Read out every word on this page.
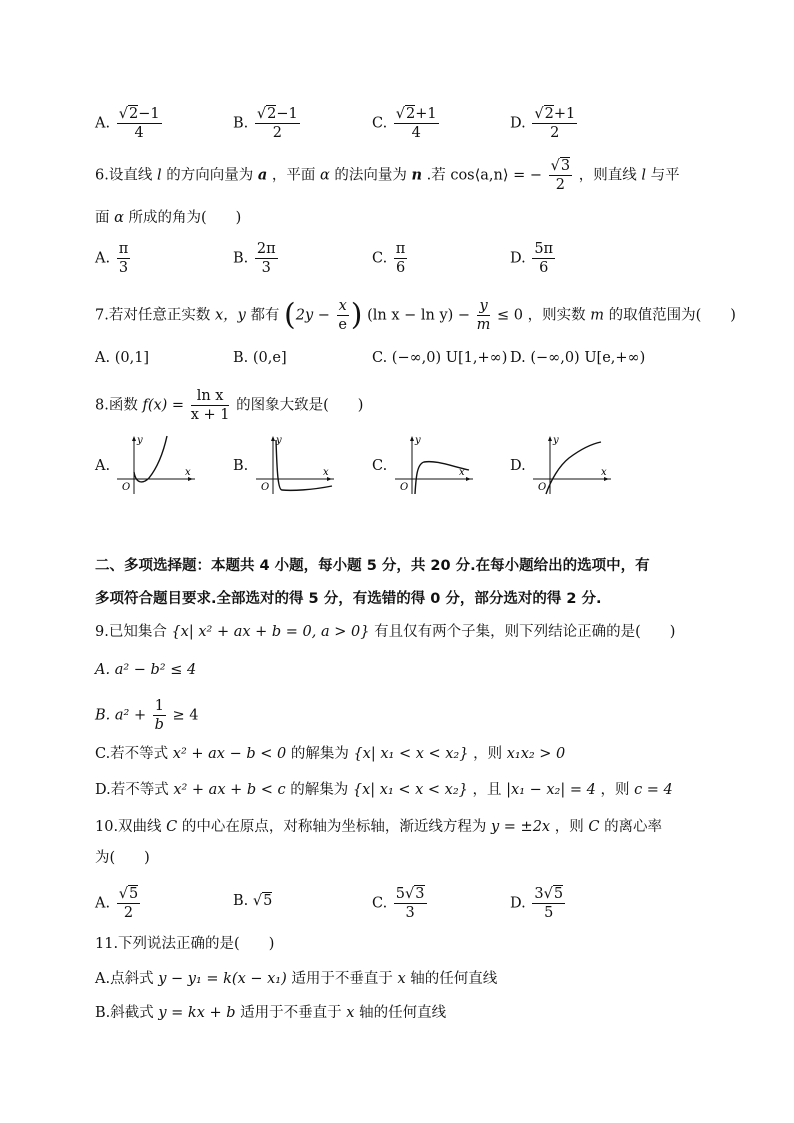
A. $\frac{√2-1}{4}$	B. $\frac{√2-1}{2}$	C. $\frac{√2+1}{4}$	D. $\frac{√2+1}{2}$
6.设直线 l 的方向向量为 a ，平面 α 的法向量为 n .若 cos⟨a,n⟩ = − $\frac{√3}{2}$ ，则直线 l 与平
面 α 所成的角为(　　)
A. $\frac{\pi}{3}$	B. $\frac{2\pi}{3}$	C. $\frac{\pi}{6}$	D. $\frac{5\pi}{6}$
7.若对任意正实数 x，y 都有 ($2y - \frac{x}{e}$ ) (ln $x - \ln y) - \frac{y}{m} \le 0$ ，则实数 m 的取值范围为(　　)
A. (0,1]	B. (0,e]	C. (−∞,0) U[1,+∞) D. (−∞,0) U[e,+∞)
8.函数 $f(x) = \frac{\text{ln x}}{x + 1}$ 的图象大致是(　　)
A.
y
x
O
B.
y
x
O
C.
y
x
O
D.
y
x
O
二、多项选择题：本题共 4 小题，每小题 5 分，共 20 分.在每小题给出的选项中，有
多项符合题目要求.全部选对的得 5 分，有选错的得 0 分，部分选对的得 2 分.
9.已知集合 {x| x² + ax + b = 0, a > 0} 有且仅有两个子集，则下列结论正确的是(　　)
A. a² − b² ≤ 4
B. $a^2 + \frac{1}{b} \ge 4$
C.若不等式 x² + ax − b < 0 的解集为 {x| x₁ < x < x₂} ，则 x₁x₂ > 0
D.若不等式 x² + ax + b < c 的解集为 {x| x₁ < x < x₂} ，且 |x₁ − x₂| = 4 ，则 c = 4
10.双曲线 C 的中心在原点，对称轴为坐标轴，渐近线方程为 y = ±2x ，则 C 的离心率
为(　　)
A. $\frac{√5}{2}$	B. √5	C. $\frac{5√3}{3}$	D. $\frac{3√5}{5}$
11.下列说法正确的是(　　)
A.点斜式 y − y₁ = k(x − x₁) 适用于不垂直于 x 轴的任何直线
B.斜截式 y = kx + b 适用于不垂直于 x 轴的任何直线
